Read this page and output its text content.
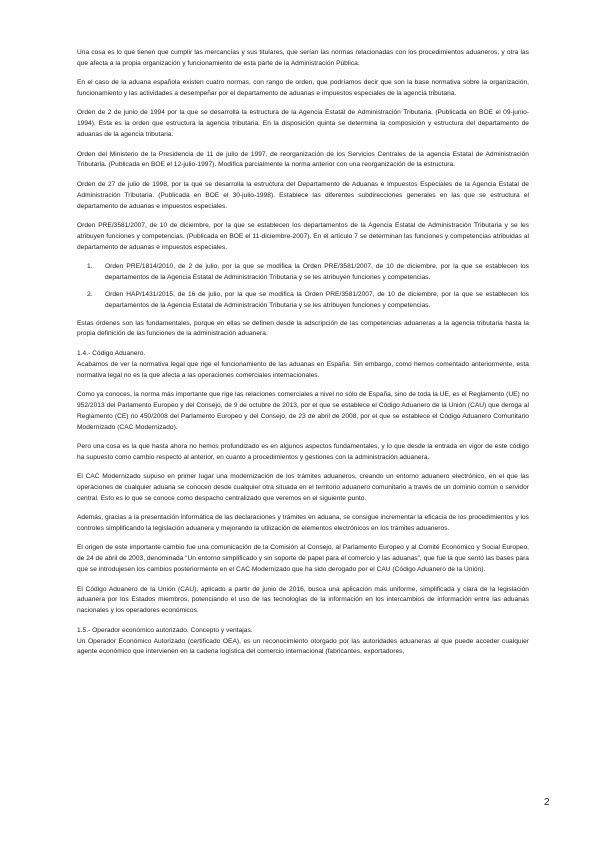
Una cosa es lo que tienen que cumplir las mercancías y sus titulares, que serían las normas relacionadas con los procedimientos aduaneros, y otra las que afecta a la propia organización y funcionamiento de esta parte de la Administración Pública.

En el caso de la aduana española existen cuatro normas, con rango de orden, que podríamos decir que son la base normativa sobre la organización, funcionamiento y las actividades a desempeñar por el departamento de aduanas e impuestos especiales de la agencia tributaria.

Orden de 2 de junio de 1994 por la que se desarrolla la estructura de la Agencia Estatal de Administración Tributaria. (Publicada en BOE el 09-junio-1994). Esta es la orden que estructura la agencia tributaria. En la disposición quinta se determina la composición y estructura del departamento de aduanas de la agencia tributaria.

Orden del Ministerio de la Presidencia de 11 de julio de 1997, de reorganización de los Servicios Centrales de la agencia Estatal de Administración Tributaria. (Publicada en BOE el 12-julio-1997). Modifica parcialmente la norma anterior con una reorganización de la estructura.

Orden de 27 de julio de 1998, por la que se desarrolla la estructura del Departamento de Aduanas e Impuestos Especiales de la Agencia Estatal de Administración Tributaria. (Publicada en BOE el 30-julio-1998). Establece las diferentes subdirecciones generales en las que se estructura el departamento de aduanas e impuestos especiales.

Orden PRE/3581/2007, de 10 de diciembre, por la que se establecen los departamentos de la Agencia Estatal de Administración Tributaria y se les atribuyen funciones y competencias. (Publicada en BOE el 11-diciembre-2007). En el artículo 7 se determinan las funciones y competencias atribuidas al departamento de aduanas e impuestos especiales.

1. Orden PRE/1814/2010, de 2 de julio, por la que se modifica la Orden PRE/3581/2007, de 10 de diciembre, por la que se establecen los departamentos de la Agencia Estatal de Administración Tributaria y se les atribuyen funciones y competencias.
2. Orden HAP/1431/2015, de 16 de julio, por la que se modifica la Orden PRE/3581/2007, de 10 de diciembre, por la que se establecen los departamentos de la Agencia Estatal de Administración Tributaria y se les atribuyen funciones y competencias.

Estas órdenes son las fundamentales, porque en ellas se definen desde la adscripción de las competencias aduaneras a la agencia tributaria hasta la propia definición de las funciones de la administración aduanera.

1.4.- Código Aduanero.

Acabamos de ver la normativa legal que rige el funcionamiento de las aduanas en España. Sin embargo, como hemos comentado anteriormente, esta normativa legal no es la que afecta a las operaciones comerciales internacionales.

Como ya conoces, la norma más importante que rige las relaciones comerciales a nivel no sólo de España, sino de toda la UE, es el Reglamento (UE) no 952/2013 del Parlamento Europeo y del Consejo, de 9 de octubre de 2013, por el que se establece el Código Aduanero de la Unión (CAU) que deroga al Reglamento (CE) no 450/2008 del Parlamento Europeo y del Consejo, de 23 de abril de 2008, por el que se establece el Código Aduanero Comunitario Modernizado (CAC Modernizado).

Pero una cosa es la que hasta ahora no hemos profundizado es en algunos aspectos fundamentales, y lo que desde la entrada en vigor de este código ha supuesto como cambio respecto al anterior, en cuanto a procedimientos y gestiones con la administración aduanera.

El CAC Modernizado supuso en primer lugar una modernización de los trámites aduaneros, creando un entorno aduanero electrónico, en el que las operaciones de cualquier aduana se conocen desde cualquier otra situada en el territorio aduanero comunitario a través de un dominio común o servidor central. Esto es lo que se conoce como despacho centralizado que veremos en el siguiente punto.

Además, gracias a la presentación informática de las declaraciones y trámites en aduana, se consigue incrementar la eficacia de los procedimientos y los controles simplificando la legislación aduanera y mejorando la utilización de elementos electrónicos en los trámites aduaneros.

El origen de este importante cambio fue una comunicación de la Comisión al Consejo, al Parlamento Europeo y al Comité Económico y Social Europeo, de 24 de abril de 2003, denominada “Un entorno simplificado y sin soporte de papel para el comercio y las aduanas”, que fue la que sentó las bases para que se introdujesen los cambios posteriormente en el CAC Modernizado que ha sido derogado por el CAU (Código Aduanero de la Unión).

El Código Aduanero de la Unión (CAU), aplicado a partir de junio de 2016, busca una aplicación más uniforme, simplificada y clara de la legislación aduanera por los Estados miembros, potenciando el uso de las tecnologías de la información en los intercambios de información entre las aduanas nacionales y los operadores económicos.

1.5.- Operador económico autorizado. Concepto y ventajas.

Un Operador Económico Autorizado (certificado OEA), es un reconocimiento otorgado por las autoridades aduaneras al que puede acceder cualquier agente económico que intervienen en la cadena logística del comercio internacional (fabricantes, exportadores,

2
